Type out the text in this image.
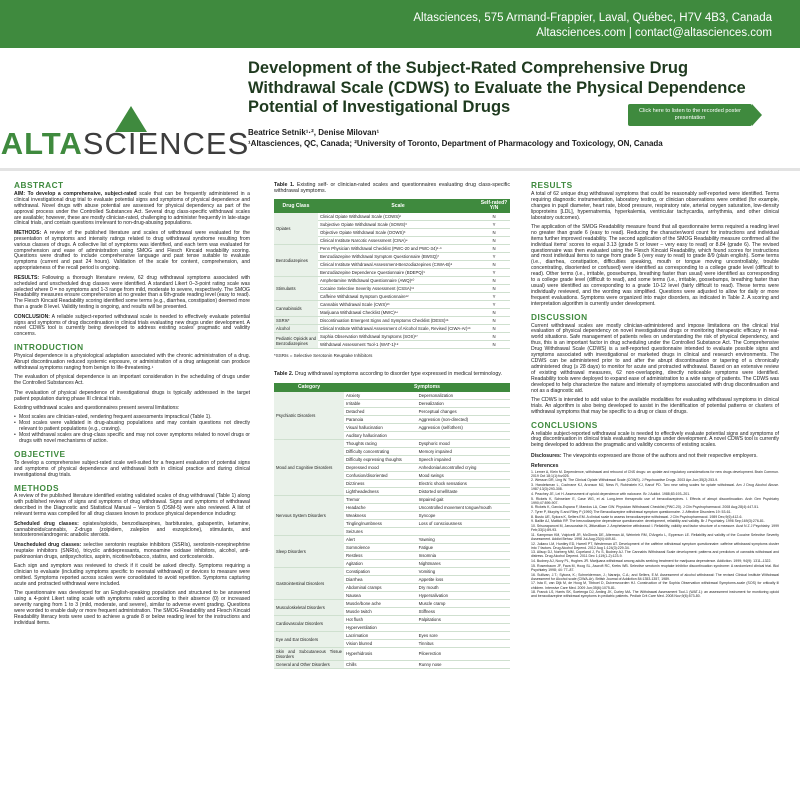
Altasciences, 575 Armand-Frappier, Laval, Québec, H7V 4B3, Canada
Altasciences.com | contact@altasciences.com
ALTASCIENCES
Development of the Subject-Rated Comprehensive Drug Withdrawal Scale (CDWS) to Evaluate the Physical Dependence Potential of Investigational Drugs
Beatrice Setnik¹·², Denise Milovan¹
¹Altasciences, QC, Canada; ²University of Toronto, Department of Pharmacology and Toxicology, ON, Canada
Click here to listen to the recorded poster presentation
ABSTRACT
AIM: To develop a comprehensive, subject-rated scale that can be frequently administered in a clinical investigational drug trial to evaluate potential signs and symptoms of physical dependence and withdrawal. Novel drugs with abuse potential are assessed for physical dependency as part of the approval process under the Controlled Substances Act. Several drug class-specific withdrawal scales are available; however, these are mostly clinician-rated, challenging to administer frequently in late-stage clinical trials, and contain questions irrelevant to non-drug-abusing populations.
METHODS: A review of the published literature and scales of withdrawal were evaluated for the presentation of symptoms and intensity ratings related to drug withdrawal syndrome resulting from various classes of drugs. A collective list of symptoms was identified, and each term was evaluated for comprehension and ease of administration using SMOG and Flesch Kincaid readability scoring. Questions were drafted to include comprehensive language and past tense suitable to evaluate symptoms (current and past 24 hours). Validation of the scale for content, comprehension, and appropriateness of the recall period is ongoing.
RESULTS: Following a thorough literature review, 62 drug withdrawal symptoms associated with scheduled and unscheduled drug classes were identified. A standard Likert 0–3-point rating scale was selected where 0 = no symptoms and 1-3 range from mild, moderate to severe, respectively. The SMOG Readability measures ensure comprehension at no greater than a 6th-grade reading level (easy to read). The Flesch Kincaid Readability scoring identified some terms (e.g., diarrhea, constipation) deemed more than a grade 8 level. Validity testing is ongoing, and results will be presented.
CONCLUSION: A reliable subject-reported withdrawal scale is needed to effectively evaluate potential signs and symptoms of drug discontinuation in clinical trials evaluating new drugs under development. A novel CDWS tool is currently being developed to address existing scales' pragmatic and validity concerns.
INTRODUCTION
Physical dependence is a physiological adaptation associated with the chronic administration of a drug. Abrupt discontinuation reduced systemic exposure, or administration of a drug antagonist can produce withdrawal symptoms ranging from benign to life-threatening.¹
The evaluation of physical dependence is an important consideration in the scheduling of drugs under the Controlled Substances Act.
The evaluation of physical dependence of investigational drugs is typically addressed in the target patient population during phase III clinical trials.
Existing withdrawal scales and questionnaires present several limitations:
• Most scales are clinician-rated, rendering frequent assessments impractical (Table 1).
• Most scales were validated in drug-abusing populations and may contain questions not directly relevant to patient populations (e.g., craving).
• Most withdrawal scales are drug-class specific and may not cover symptoms related to novel drugs or drugs with novel mechanisms of action.
OBJECTIVE
To develop a comprehensive subject-rated scale well-suited for a frequent evaluation of potential signs and symptoms of physical dependence and withdrawal both in clinical practice and during clinical investigational drug trials.
METHODS
A review of the published literature identified existing validated scales of drug withdrawal (Table 1) along with published reviews of signs and symptoms of drug withdrawal. Signs and symptoms of withdrawal described in the Diagnostic and Statistical Manual – Version 5 (DSM-5) were also reviewed. A list of relevant terms was compiled for all drug classes known to produce physical dependence including:
Scheduled drug classes: opiates/opioids, benzodiazepines, barbiturates, gabapentin, ketamine, cannabinoids/cannabis, Z-drugs (zolpidem, zaleplon and eszopiclone), stimulants, and testosterone/androgenic anabolic steroids.
Unscheduled drug classes: selective serotonin reuptake inhibitors (SSRIs), serotonin-norepinephrine reuptake inhibitors (SNRIs), tricyclic antidepressants, monoamine oxidase inhibitors, alcohol, anti-parkinsonian drugs, antipsychotics, aspirin, nicotine/tobacco, statins, and corticosteroids.
Each sign and symptom was reviewed to check if it could be asked directly. Symptoms requiring a clinician to evaluate (including symptoms specific to neonatal withdrawal) or devices to measure were omitted. Symptoms reported across scales were consolidated to avoid repetition. Symptoms capturing acute and protracted withdrawal were included.
The questionnaire was developed for an English-speaking population and structured to be answered using a 4-point Likert rating scale with symptoms rated according to their absence (0) or increased severity ranging from 1 to 3 (mild, moderate, and severe), similar to adverse event grading. Questions were worded to enable daily or more frequent administration. The SMOG Readability and Flesch Kincaid Readability literacy tests were used to achieve a grade 8 or below reading level for the instructions and individual items.
Table 1. Existing self- or clinician-rated scales and questionnaires evaluating drug class-specific withdrawal symptoms.
Drug Class	Scale	Self-rated? Y/N
Opiates	Clinical Opiate Withdrawal Scale (COWS)²	N
	Subjective Opiate Withdrawal Scale (SOWS)³	Y
	Objective Opiate Withdrawal Scale (OOWS)³	N
	Clinical Institute Narcotic Assessment (CINA)⁴	N
Benzodiazepines	Penn Physician Withdrawal Checklist (PWC-20 and PWC-34)⁵·⁶	N
	Benzodiazepine Withdrawal Symptom Questionnaire (BWSQ)⁷	Y
	Clinical Institute Withdrawal Assessment-Benzodiazepines (CIWA-B)⁸	N
	Benzodiazepine Dependence Questionnaire (BDEPQ)⁹	Y
Stimulants	Amphetamine Withdrawal Questionnaire (AWQ)¹⁰	N
	Cocaine Selective Severity Assessment (CSSA)¹¹	N
	Caffeine Withdrawal Symptom Questionnaire¹²	Y
Cannabinoids	Cannabis Withdrawal Scale (CWS)¹³	Y
	Marijuana Withdrawal Checklist (MWC)¹⁴	N
SSRIs*	Discontinuation Emergent Signs and Symptoms Checklist (DESS)¹⁵	N
Alcohol	Clinical Institute Withdrawal Assessment of Alcohol Scale, Revised (CIWA-Ar)¹⁶	N
Pediatric Opioids and Benzodiazepines	Sophia Observation Withdrawal Symptoms (SOS)¹⁷	N
	Withdrawal Assessment Tool-1 (WAT-1)¹⁸	N
*SSRIs = Selective Serotonin Reuptake Inhibitors
Table 2. Drug withdrawal symptoms according to disorder type expressed in medical terminology.
Category	Symptoms	
Psychiatric Disorders	Anxiety	Depersonalization
	Irritable	Derealization
	Detached	Perceptual changes
	Paranoia	Aggression (non-directed)
	Visual hallucination	Aggression (selfothers)
	Auditory hallucination	
Mood and Cognitive Disorders	Thoughts racing	Dysphoric mood
	Difficulty concentrating	Memory impaired
	Difficulty expressing thoughts	Speech impaired
	Depressed mood	Anhedonia/uncontrolled crying
	Confusion/disoriented	Mood swings
	Dizziness	Electric shock sensations
	Lightheadedness	Distorted smell/taste
Nervous System Disorders	Tremor	Impaired gait
	Headache	Uncontrolled movement tongue/mouth
	Weakness	Syncope
	Tingling/numbness	Loss of consciousness
	Seizures	
Sleep Disorders	Alert	Yawning
	Somnolence	Fatigue
	Restless	Insomnia
	Agitation	Nightmares
Gastrointestinal Disorders	Constipation	Vomiting
	Diarrhea	Appetite loss
	Abdominal cramps	Dry mouth
	Nausea	Hypersalivation
Musculoskeletal Disorders	Muscle/bone ache	Muscle cramp
	Muscle twitch	Stiffness
Cardiovascular Disorders	Hot flush	Palpitations
	Hyperventilation	
Eye and Ear Disorders	Lacrimation	Eyes sore
	Vision blurred	Tinnitus
Skin and Subcutaneous Tissue Disorders	Hyperhidrosis	Piloerection
General and Other Disorders	Chills	Runny nose
RESULTS
A total of 62 unique drug withdrawal symptoms that could be reasonably self-reported were identified. Terms requiring diagnostic instrumentation, laboratory testing, or clinician observations were omitted (for example, changes in pupil diameter, heart rate, blood pressure, respiratory rate, arterial oxygen saturation, low-density lipoproteins [LDL], hypernatremia, hyperkalemia, ventricular tachycardia, arrhythmia, and other clinical laboratory outcomes).
The application of the SMOG Readability measure found that all questionnaire terms required a reading level no greater than grade 6 (easy to read). Reducing the character/word count for instructions and individual items further improved readability. The second application of the SMOG Readability measure confirmed all the individual items' scores to equal 3.13 (grade 5 or lower – very easy to read) or 8.84 (grade 6). The revised questionnaire was then evaluated using the Flesch Kincaid Readability, which found scores for instructions and most individual items to range from grade 5 (very easy to read) to grade 8/9 (plain english). Some terms (i.e., diarrhea, constipation, difficulties speaking, mouth or tongue moving uncontrollably, trouble concentrating, disoriented or confused) were identified as corresponding to a college grade level (difficult to read). Other terms (i.e., irritable, goosebumps, breathing faster than usual) were identified as corresponding to a college grade level (difficult to read), and some terms (i.e., irritable, goosebumps, breathing faster than usual) were identified as corresponding to a grade 10-12 level (fairly difficult to read). These terms were individually reviewed, and the wording was simplified. Questions were adjusted to allow for daily or more frequent evaluations. Symptoms were organized into major disorders, as indicated in Table 2. A scoring and interpretation algorithm is currently under development.
DISCUSSION
Current withdrawal scales are mostly clinician-administered and impose limitations on the clinical trial evaluation of physical dependency on novel investigational drugs or monitoring therapeutic efficacy in real-world situations. Safe management of patients relies on understanding the risk of physical dependency, and thus, this is an important factor in drug scheduling under the Controlled Substance Act. The Comprehensive Drug Withdrawal Scale (CDWS) is a self-reported questionnaire intended to evaluate possible signs and symptoms associated with investigational or marketed drugs in clinical and research environments. The CDWS can be administered prior to and after the abrupt discontinuation or tapering of a chronically administered drug (≥ 28 days) to monitor for acute and protracted withdrawal. Based on an extensive review of existing withdrawal measures, 62 non-overlapping, directly noticeable symptoms were identified. Readability tools were deployed to expand ease of administration to a wide range of patients. The CDWS was developed to help characterize the nature and intensity of symptoms associated with drug discontinuation and not as a diagnostic aid.
The CDWS is intended to add value to the available modalities for evaluating withdrawal symptoms in clinical trials. An algorithm is also being developed to assist in the identification of potential patterns or clusters of withdrawal symptoms that may be specific to a drug or class of drugs.
CONCLUSIONS
A reliable subject-reported withdrawal scale is needed to effectively evaluate potential signs and symptoms of drug discontinuation in clinical trials evaluating new drugs under development. A novel CDWS tool is currently being developed to address the pragmatic and validity concerns of existing scales.
Disclosures: The viewpoints expressed are those of the authors and not their respective employers.
References
1. Lerner A, Klein M. Dependence, withdrawal and rebound of CNS drugs: an update and regulatory considerations for new drugs development. Brain Commun. 2019 Oct 18;1(1):fcz025.
2. Wesson DR, Ling W. The Clinical Opiate Withdrawal Scale (COWS). J Psychoactive Drugs. 2003 Apr-Jun;35(2):253-9.
3. Handelsman L, Cochrane KJ, Aronson MJ, Ness R, Rubinstein KJ, Kanof PD. Two new rating scales for opiate withdrawal. Am J Drug Alcohol Abuse. 1987;13(3):293-308.
4. Peachey JE, Lei H. Assessment of opioid dependence with naloxone. Br J Addict. 1988;83:193–201.
5. Rickels K, Schweizer E, Case WG, et al. Long-term therapeutic use of benzodiazepines. I. Effects of abrupt discontinuation. Arch Gen Psychiatry 1990;47:899-907.
6. Rickels K, Garcia-Espana F, Mandos LA, Case GW. Physician Withdrawal Checklist (PWC-20). J Clin Psychopharmacol. 2008 Aug;28(4):447-51.
7. Tyrer P, Murphy S and Riley P (1990) The Benzodiazepine withdrawal symptom questionnaire. J. Affective Disorders 19: 53-61.
8. Busto UE, Sykora K, Sellers EM. A clinical scale to assess benzodiazepine withdrawal. J Clin Psychopharmacol. 1989 Dec;9(6):412-6.
9. Baillie AJ, Mattick RP. The benzodiazepine dependence questionnaire: development, reliability and validity. Br J Psychiatry. 1996 Sep;169(3):276-81.
10. Srisurapanont M, Jarusuraisin N, Jittiwutikan J. Amphetamine withdrawal: I. Reliability, validity and factor structure of a measure. Aust N Z J Psychiatry. 1999 Feb;33(1):89-93.
11. Kampman KM, Volpicelli JR, McGinnis DE, Alterman AI, Weinrieb RM, D'Angelo L, Epperson LE. Reliability and validity of the Cocaine Selective Severity Assessment. Addict Behav. 1998 Jul-Aug;23(4):449-61.
12. Juliano LM, Huntley ED, Harrell PT, Westerman AT. Development of the caffeine withdrawal symptom questionnaire: caffeine withdrawal symptoms cluster into 7 factors. Drug Alcohol Depend. 2012 Aug 1;124(3):229-34.
13. Allsop DJ, Norberg MM, Copeland J, Fu S, Budney AJ. The Cannabis Withdrawal Scale development: patterns and predictors of cannabis withdrawal and distress. Drug Alcohol Depend. 2011 Dec 1;119(1-2):123-9.
14. Budney AJ, Novy PL, Hughes JR. Marijuana withdrawal among adults seeking treatment for marijuana dependence. Addiction. 1999; 94(9): 1311–1322.
15. Rosenbaum JF, Fava M, Hoog SL, Ascroft RC, Krebs WB. Selective serotonin reuptake inhibitor discontinuation syndrome: A randomized clinical trial. Biol Psychiatry 1998; 44: 77–87.
16. Sullivan, J.T.; Sykora, K.; Schneiderman, J.; Naranjo, C.A.; and Sellers, E.M. Assessment of alcohol withdrawal: The revised Clinical Institute Withdrawal Assessment for Alcohol scale (CIWA-Ar). British Journal of Addiction 84:1353-1357, 1989.
17. Ista E, van Dijk M, de Hoog M, Tibboel D, Duivenvoorden HJ. Construction of the Sophia Observation withdrawal Symptoms-scale (SOS) for critically ill children. Intensive Care Med. 2009 Jun;35(6):1075-81.
18. Franck LS, Harris SK, Soetenga DJ, Amling JK, Curley MA. The Withdrawal Assessment Tool-1 (WAT-1): an assessment instrument for monitoring opioid and benzodiazepine withdrawal symptoms in pediatric patients. Pediatr Crit Care Med. 2008 Nov;9(6):573-80.
